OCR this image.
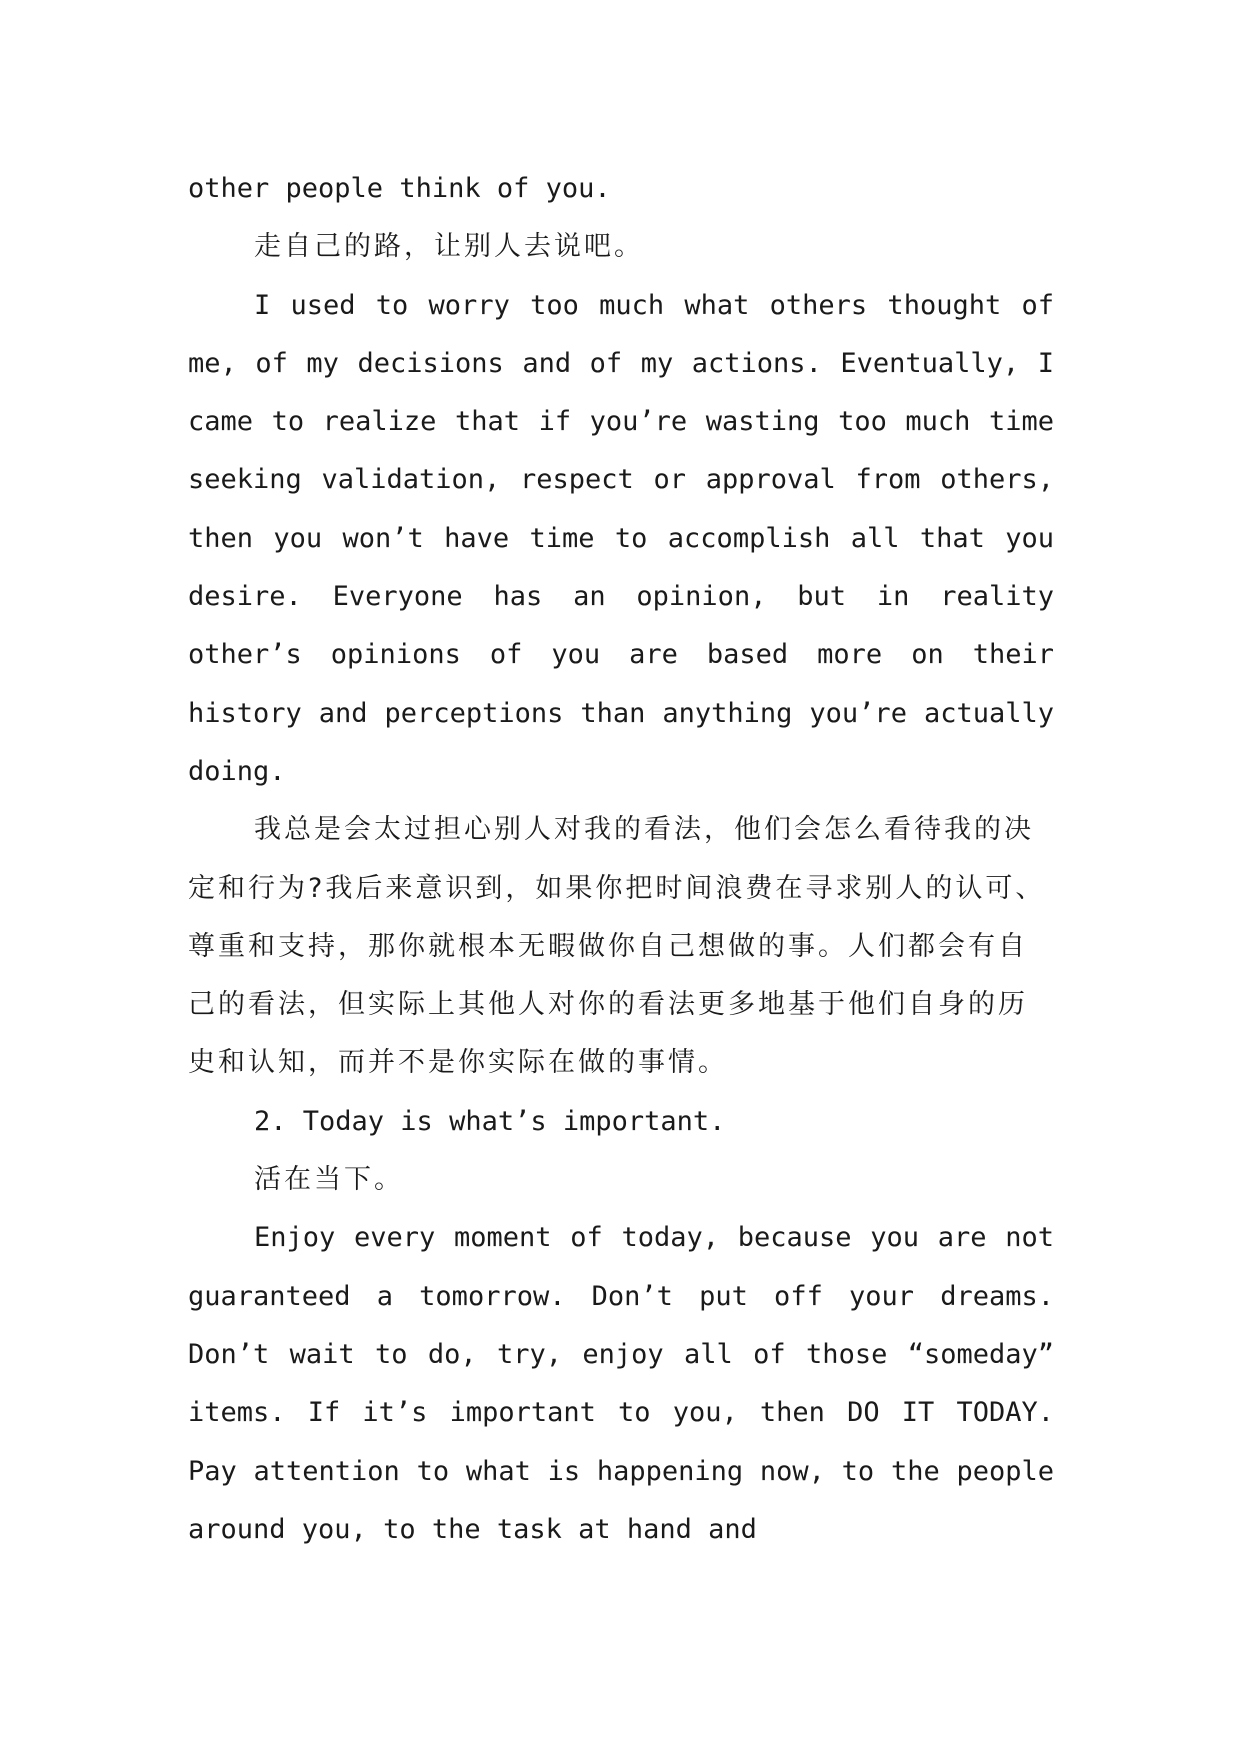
other people think of you.

走自己的路，让别人去说吧。

I used to worry too much what others thought of me, of my decisions and of my actions. Eventually, I came to realize that if you’re wasting too much time seeking validation, respect or approval from others, then you won’t have time to accomplish all that you desire. Everyone has an opinion, but in reality other’s opinions of you are based more on their history and perceptions than anything you’re actually doing.

我总是会太过担心别人对我的看法，他们会怎么看待我的决定和行为?我后来意识到，如果你把时间浪费在寻求别人的认可、尊重和支持，那你就根本无暇做你自己想做的事。人们都会有自己的看法，但实际上其他人对你的看法更多地基于他们自身的历史和认知，而并不是你实际在做的事情。

2. Today is what’s important.

活在当下。

Enjoy every moment of today, because you are not guaranteed a tomorrow. Don’t put off your dreams. Don’t wait to do, try, enjoy all of those “someday” items. If it’s important to you, then DO IT TODAY. Pay attention to what is happening now, to the people around you, to the task at hand and
